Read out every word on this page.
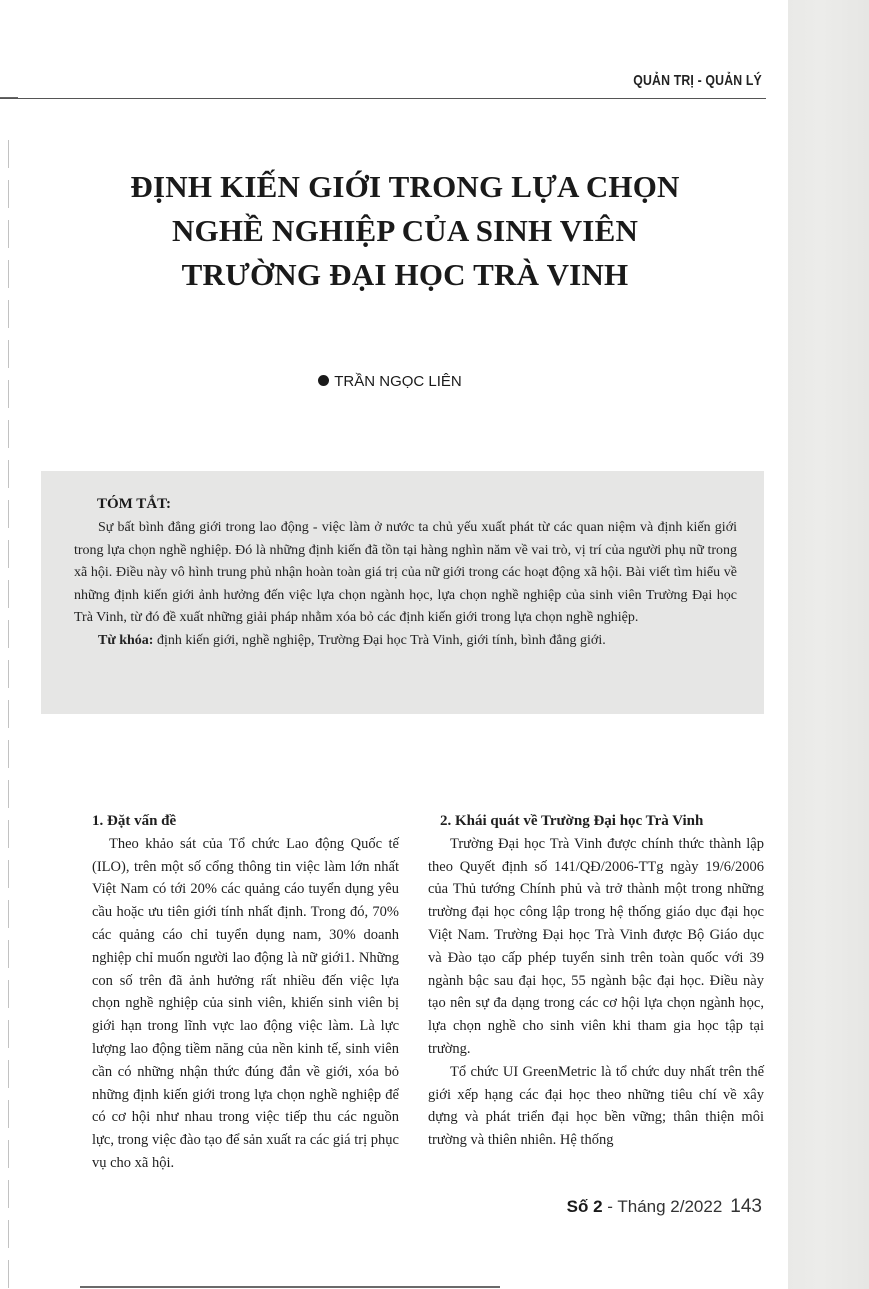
QUẢN TRỊ - QUẢN LÝ
ĐỊNH KIẾN GIỚI TRONG LỰA CHỌN
NGHỀ NGHIỆP CỦA SINH VIÊN
TRƯỜNG ĐẠI HỌC TRÀ VINH
TRẦN NGỌC LIÊN
TÓM TẮT:

Sự bất bình đẳng giới trong lao động - việc làm ở nước ta chủ yếu xuất phát từ các quan niệm và định kiến giới trong lựa chọn nghề nghiệp. Đó là những định kiến đã tồn tại hàng nghìn năm về vai trò, vị trí của người phụ nữ trong xã hội. Điều này vô hình trung phủ nhận hoàn toàn giá trị của nữ giới trong các hoạt động xã hội. Bài viết tìm hiểu về những định kiến giới ảnh hưởng đến việc lựa chọn ngành học, lựa chọn nghề nghiệp của sinh viên Trường Đại học Trà Vinh, từ đó đề xuất những giải pháp nhằm xóa bỏ các định kiến giới trong lựa chọn nghề nghiệp.

Từ khóa: định kiến giới, nghề nghiệp, Trường Đại học Trà Vinh, giới tính, bình đẳng giới.

1. Đặt vấn đề

Theo khảo sát của Tổ chức Lao động Quốc tế (ILO), trên một số cổng thông tin việc làm lớn nhất Việt Nam có tới 20% các quảng cáo tuyển dụng yêu cầu hoặc ưu tiên giới tính nhất định. Trong đó, 70% các quảng cáo chỉ tuyển dụng nam, 30% doanh nghiệp chỉ muốn người lao động là nữ giới1. Những con số trên đã ảnh hưởng rất nhiều đến việc lựa chọn nghề nghiệp của sinh viên, khiến sinh viên bị giới hạn trong lĩnh vực lao động việc làm. Là lực lượng lao động tiềm năng của nền kinh tế, sinh viên cần có những nhận thức đúng đắn về giới, xóa bỏ những định kiến giới trong lựa chọn nghề nghiệp để có cơ hội như nhau trong việc tiếp thu các nguồn lực, trong việc đào tạo để sản xuất ra các giá trị phục vụ cho xã hội.

2. Khái quát về Trường Đại học Trà Vinh

Trường Đại học Trà Vinh được chính thức thành lập theo Quyết định số 141/QĐ/2006-TTg ngày 19/6/2006 của Thủ tướng Chính phủ và trở thành một trong những trường đại học công lập trong hệ thống giáo dục đại học Việt Nam. Trường Đại học Trà Vinh được Bộ Giáo dục và Đào tạo cấp phép tuyển sinh trên toàn quốc với 39 ngành bậc sau đại học, 55 ngành bậc đại học. Điều này tạo nên sự đa dạng trong các cơ hội lựa chọn ngành học, lựa chọn nghề cho sinh viên khi tham gia học tập tại trường.

Tổ chức UI GreenMetric là tổ chức duy nhất trên thế giới xếp hạng các đại học theo những tiêu chí về xây dựng và phát triển đại học bền vững; thân thiện môi trường và thiên nhiên. Hệ thống

Số 2 - Tháng 2/2022 143
